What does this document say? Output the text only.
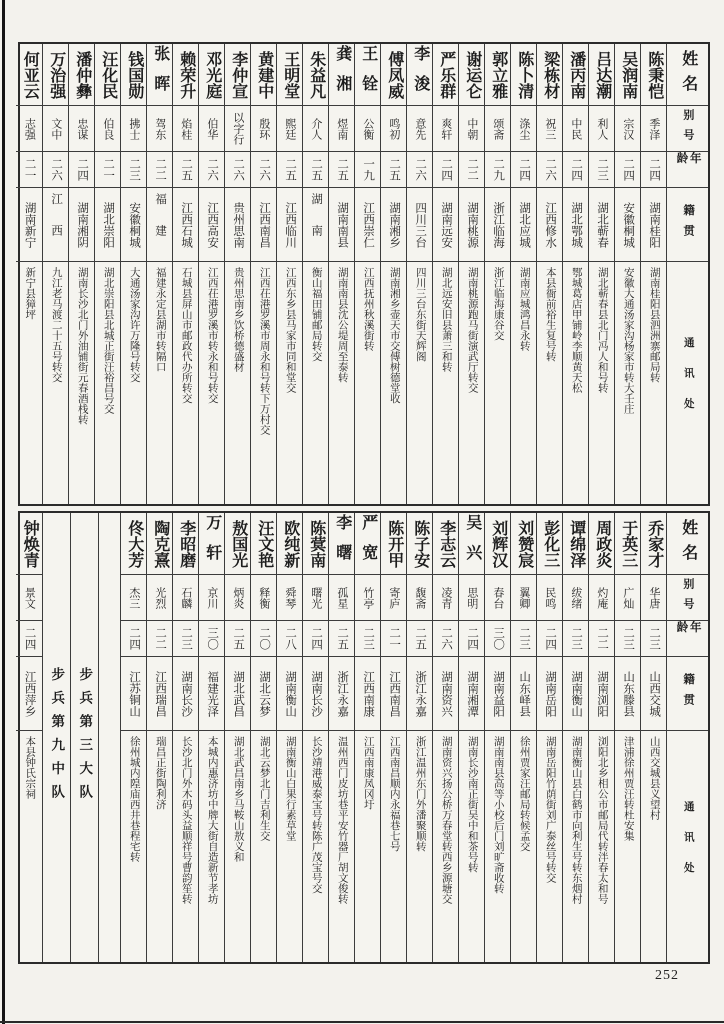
姓名
别号
年龄
籍贯
通讯处
陈秉恺
季泽
二四
湖南桂阳
湖南桂阳县泗洲寨邮局转
吴润南
宗汉
二四
安徽桐城
安徽大通汤家沟杨家市转大壬庄
吕达潮
利人
二三
湖北蕲春
湖北蕲春县北门冯人和号转
潘丙南
中民
二四
湖北鄂城
鄂城葛店甲铺岭李顺黄天松
梁栋材
祝三
二六
江西修水
本县衙前裕生复号转
陈卜清
涤尘
二四
湖北应城
湖南应城鸿昌永转
郭立雅
颂斋
二九
浙江临海
浙江临海康谷交
谢运仑
中朝
二二
湖南桃源
湖南桃源跑马街演武厅转交
严乐群
爽轩
二四
湖南远安
湖北远安旧县萧三和转
李浚
意先
二六
四川三台
四川三台东街天辉阁
傅凤威
鸣初
二五
湖南湘乡
湖南湘乡壶天市交傅树德堂收
王铨
公衡
一九
江西崇仁
江西抚州秋溪街转
龚湘
煜南
二五
湖南南县
湖南南县沈公堤周至泰转
朱益凡
介人
二五
湖南
衡山福田铺邮局转交
王明堂
熙廷
二五
江西临川
江西东乡县马家市同和堂交
黄建中
殷环
二六
江西南昌
江西茌港罗溪市周永和号转下万村交
李仲宣
以字行
二六
贵州思南
贵州思南乡饮桥德盛材
邓光庭
伯华
二六
江西高安
江西茌港罗溪市转永和号转交
赖荣升
焰桂
二五
江西石城
石城县屏山市邮政代办所转交
张晖
驾东
二二
福建
福建永定县湖市转隔口
钱国勋
拂士
二三
安徽桐城
大通汤家沟许万隆号转交
汪化民
伯良
二一
湖北崇阳
湖北崇阳县北城正街汪裕昌号交
潘仲彝
忠谋
二四
湖南湘阴
湖南长沙北门外油铺街元春酒栈转
万治强
文中
二六
江西
九江老马渡二十五号转交
何亚云
志强
二一
湖南新宁
新宁县獐坪
姓名
别号
年龄
籍贯
通讯处
乔家才
华唐
二三
山西交城
山西交城县义望村
于英三
广灿
二三
山东滕县
津浦徐州贾汪转杜安集
周政炎
灼庵
二二
湖南浏阳
浏阳北乡相公市邮局代转泮春太和号
谭绵泽
绂绪
二三
湖南衡山
湖南衡山县白鹤市向利生号转东烟村
彭化三
民鸣
二四
湖南岳阳
湖南岳阳竹荫街刘广泰丝号转交
刘赞宸
翼卿
二三
山东峄县
徐州贾家汪邮局转候孟交
刘辉汉
春台
三〇
湖南益阳
湖南南县高等小校后门刘旷斋收转
吴兴
思明
二四
湖南湘潭
湖南长沙南正街吴中和茶号转
李志云
凌青
二六
湖南资兴
湖南资兴扬公桥万春堂转西乡源塘交
陈子安
馥斋
二五
浙江永嘉
浙江温州东门外潘聚顺转
陈开甲
寄庐
二一
江西南昌
江西南昌顺内永福巷七号
严宽
竹亭
二三
江西南康
江西南康凤冈圩
李曙
孤星
二五
浙江永嘉
温州西门皮坊巷平安竹器厂胡文俊转
陈蓂南
曙光
二四
湖南长沙
长沙靖港威泰宝号转陈广茂宝号交
欧纯新
舜琴
二八
湖南衡山
湖南衡山白果行素草堂
汪文艳
释衡
二〇
湖北云梦
湖北云梦北门吉利生交
敖国光
炳炎
二五
湖北武昌
湖北武昌南乡马鞍山敖义和
万轩
京川
三〇
福建光泽
本城内惠济坊中牌大街自造新节孝坊
李昭磨
石麟
二三
湖南长沙
长沙北门外木码头益顺祥号曹韵笙转
陶克熹
光烈
二二
江西瑞昌
瑞昌正街陶利济
佟大芳
杰三
二四
江苏铜山
徐州城内隍庙西井巷程宅转
步兵第三大队
步兵第九中队
钟焕青
景文
二四
江西萍乡
本县钟氏宗祠
252
